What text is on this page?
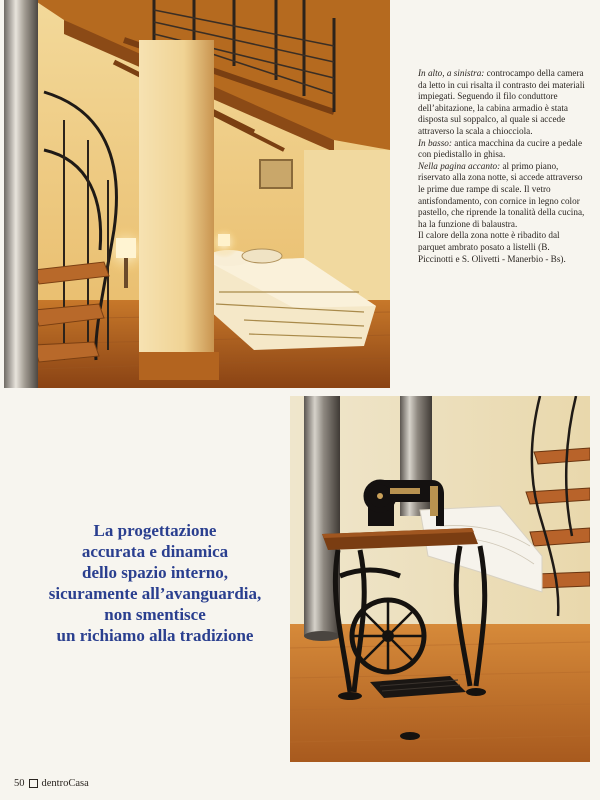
In alto, a sinistra: controcampo della camera da letto in cui risalta il contrasto dei materiali impiegati. Seguendo il filo conduttore dell’abitazione, la cabina armadio è stata disposta sul soppalco, al quale si accede attraverso la scala a chiocciola.

In basso: antica macchina da cucire a pedale con piedistallo in ghisa.

Nella pagina accanto: al primo piano, riservato alla zona notte, si accede attraverso le prime due rampe di scale. Il vetro antisfondamento, con cornice in legno color pastello, che riprende la tonalità della cucina, ha la funzione di balaustra.

Il calore della zona notte è ribadito dal parquet ambrato posato a listelli (B. Piccinotti e S. Olivetti - Manerbio - Bs).

La progettazione
accurata e dinamica
dello spazio interno,
sicuramente all’avanguardia,
non smentisce
un richiamo alla tradizione
50 dentroCasa
